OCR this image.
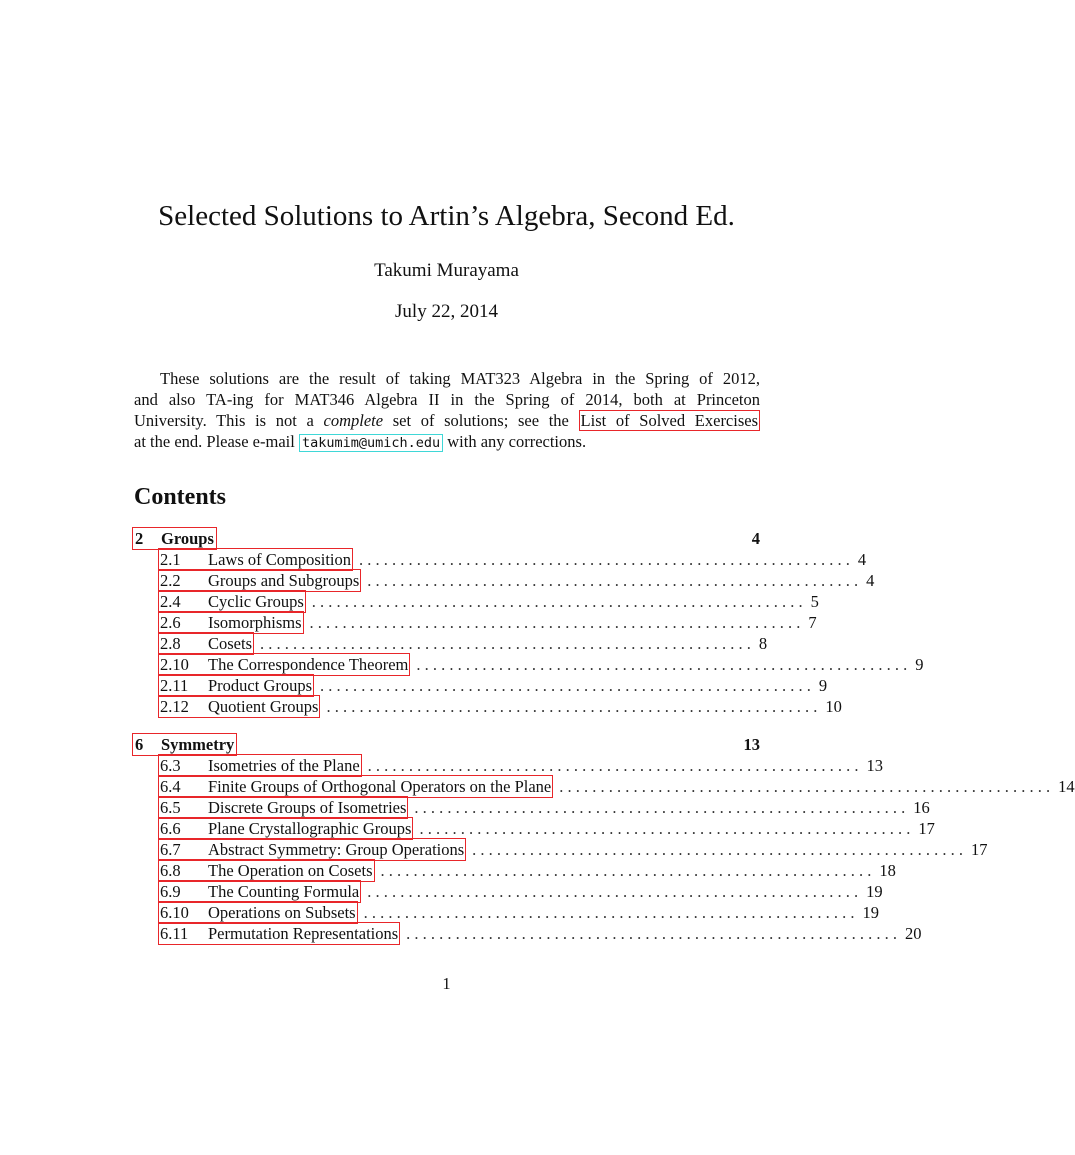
Selected Solutions to Artin’s Algebra, Second Ed.
Takumi Murayama
July 22, 2014
These solutions are the result of taking MAT323 Algebra in the Spring of 2012,
and also TA-ing for MAT346 Algebra II in the Spring of 2014, both at Princeton
University. This is not a complete set of solutions; see the List of Solved Exercises
at the end. Please e-mail takumim@umich.edu with any corrections.
Contents
2	Groups	4
2.1	Laws of Composition . . . . . . . . . . . . . . . . . . . . . . . . . . . . . . . . . . . . . . . . . . . . . . . . . . . . . . . . . . . . 4
2.2	Groups and Subgroups . . . . . . . . . . . . . . . . . . . . . . . . . . . . . . . . . . . . . . . . . . . . . . . . . . . . . . . . . . . . 4
2.4	Cyclic Groups . . . . . . . . . . . . . . . . . . . . . . . . . . . . . . . . . . . . . . . . . . . . . . . . . . . . . . . . . . . . 5
2.6	Isomorphisms . . . . . . . . . . . . . . . . . . . . . . . . . . . . . . . . . . . . . . . . . . . . . . . . . . . . . . . . . . . . 7
2.8	Cosets . . . . . . . . . . . . . . . . . . . . . . . . . . . . . . . . . . . . . . . . . . . . . . . . . . . . . . . . . . . . 8
2.10	The Correspondence Theorem . . . . . . . . . . . . . . . . . . . . . . . . . . . . . . . . . . . . . . . . . . . . . . . . . . . . . . . . . . . . 9
2.11	Product Groups . . . . . . . . . . . . . . . . . . . . . . . . . . . . . . . . . . . . . . . . . . . . . . . . . . . . . . . . . . . . 9
2.12	Quotient Groups . . . . . . . . . . . . . . . . . . . . . . . . . . . . . . . . . . . . . . . . . . . . . . . . . . . . . . . . . . . . 10
6	Symmetry	13
6.3	Isometries of the Plane . . . . . . . . . . . . . . . . . . . . . . . . . . . . . . . . . . . . . . . . . . . . . . . . . . . . . . . . . . . . 13
6.4	Finite Groups of Orthogonal Operators on the Plane . . . . . . . . . . . . . . . . . . . . . . . . . . . . . . . . . . . . . . . . . . . . . . . . . . . . . . . . . . . . 14
6.5	Discrete Groups of Isometries . . . . . . . . . . . . . . . . . . . . . . . . . . . . . . . . . . . . . . . . . . . . . . . . . . . . . . . . . . . . 16
6.6	Plane Crystallographic Groups . . . . . . . . . . . . . . . . . . . . . . . . . . . . . . . . . . . . . . . . . . . . . . . . . . . . . . . . . . . . 17
6.7	Abstract Symmetry: Group Operations . . . . . . . . . . . . . . . . . . . . . . . . . . . . . . . . . . . . . . . . . . . . . . . . . . . . . . . . . . . . 17
6.8	The Operation on Cosets . . . . . . . . . . . . . . . . . . . . . . . . . . . . . . . . . . . . . . . . . . . . . . . . . . . . . . . . . . . . 18
6.9	The Counting Formula . . . . . . . . . . . . . . . . . . . . . . . . . . . . . . . . . . . . . . . . . . . . . . . . . . . . . . . . . . . . 19
6.10	Operations on Subsets . . . . . . . . . . . . . . . . . . . . . . . . . . . . . . . . . . . . . . . . . . . . . . . . . . . . . . . . . . . . 19
6.11	Permutation Representations . . . . . . . . . . . . . . . . . . . . . . . . . . . . . . . . . . . . . . . . . . . . . . . . . . . . . . . . . . . . 20
1
